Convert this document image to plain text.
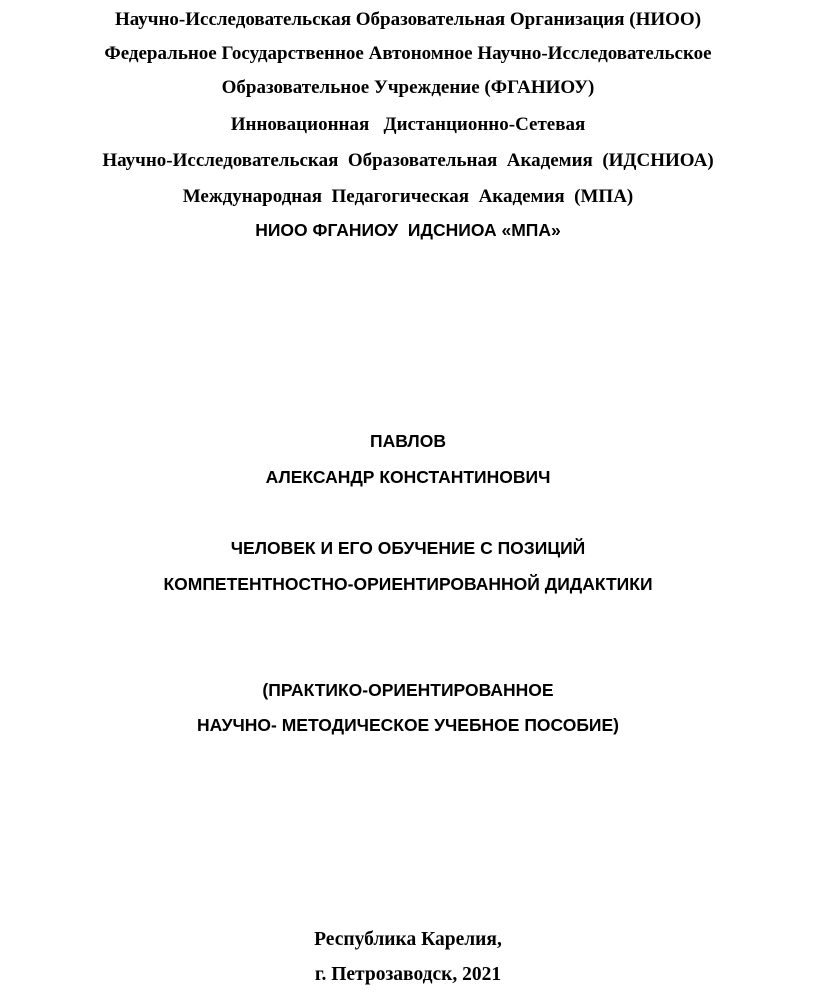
Научно-Исследовательская Образовательная Организация (НИОО)
Федеральное Государственное Автономное Научно-Исследовательское
Образовательное Учреждение (ФГАНИОУ)
Инновационная   Дистанционно-Сетевая
Научно-Исследовательская  Образовательная  Академия  (ИДСНИОА)
Международная  Педагогическая  Академия  (МПА)
НИОО ФГАНИОУ  ИДСНИОА «МПА»
ПАВЛОВ
АЛЕКСАНДР КОНСТАНТИНОВИЧ
ЧЕЛОВЕК И ЕГО ОБУЧЕНИЕ С ПОЗИЦИЙ
КОМПЕТЕНТНОСТНО-ОРИЕНТИРОВАННОЙ ДИДАКТИКИ
(ПРАКТИКО-ОРИЕНТИРОВАННОЕ
НАУЧНО- МЕТОДИЧЕСКОЕ УЧЕБНОЕ ПОСОБИЕ)
Республика Карелия,
г. Петрозаводск, 2021
